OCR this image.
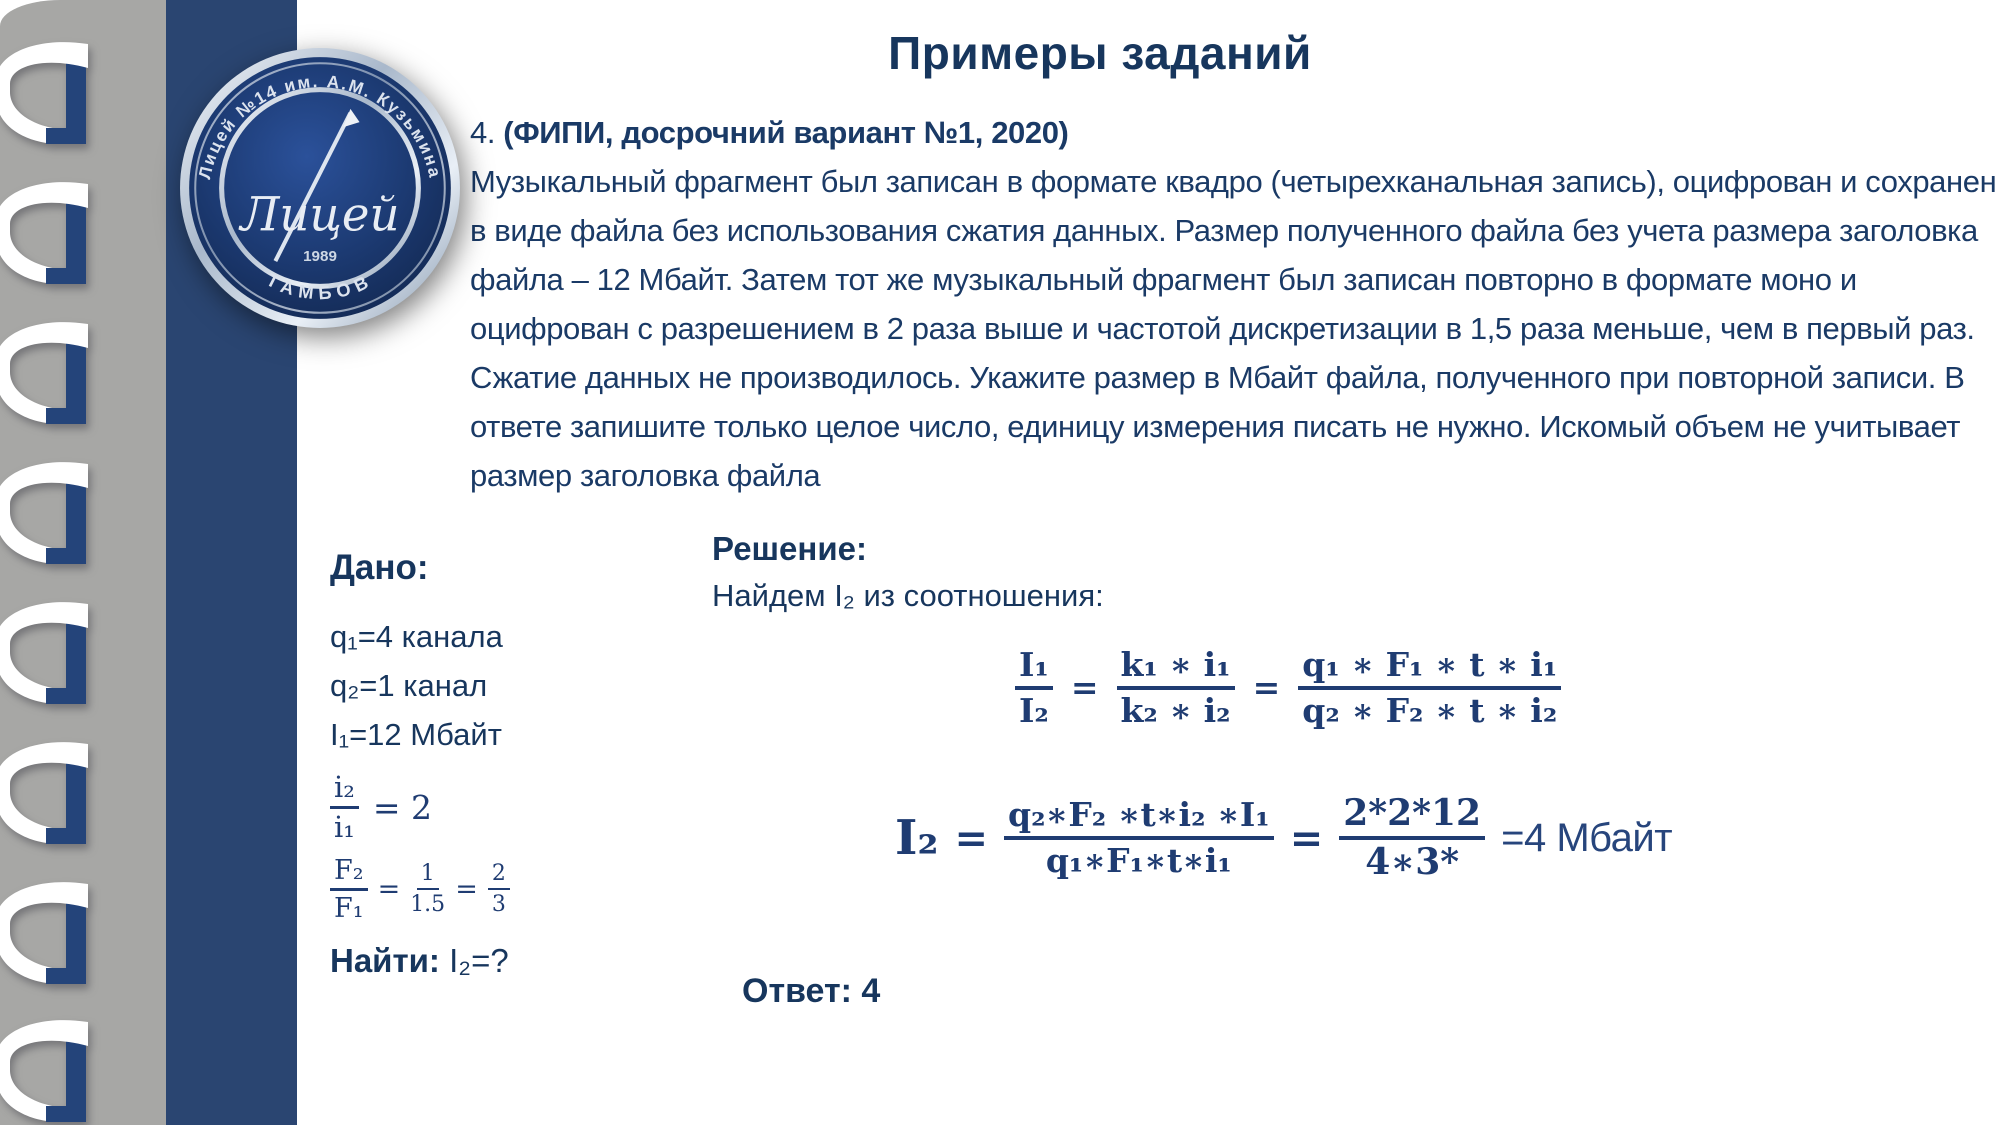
Лицей №14 им. А.М. Кузьмина
ТАМБОВ
Лицей
1989
Примеры заданий
4. (ФИПИ, досрочний вариант №1, 2020)
Музыкальный фрагмент был записан в формате квадро (четырехканальная запись), оцифрован и сохранен в виде файла без использования сжатия данных. Размер полученного файла без учета размера заголовка файла – 12 Мбайт. Затем тот же музыкальный фрагмент был записан повторно в формате моно и оцифрован с разрешением в 2 раза выше и частотой дискретизации в 1,5 раза меньше, чем в первый раз. Сжатие данных не производилось. Укажите размер в Мбайт файла, полученного при повторной записи. В ответе запишите только целое число, единицу измерения писать не нужно. Искомый объем не учитывает размер заголовка файла
Дано:
q₁=4 канала
q₂=1 канал
I₁=12 Мбайт
$\frac{\text{i₂}}{\text{i₁}} = 2$
$\frac{\text{F₂}}{\text{F₁}} = \frac{1}{1.5} = \frac{2}{3}$
Найти: I₂=?
Решение:
Найдем I₂ из соотношения:
$\frac{\text{I₁}}{\text{I₂}} = \frac{\text{k₁ ∗ i₁}}{\text{k₂ ∗ i₂}} = \frac{\text{q₁ ∗ F₁ ∗ t ∗ i₁}}{\text{q₂ ∗ F₂ ∗ t ∗ i₂}}$
$I_2 = \frac{\text{q₂∗F₂ ∗t∗i₂ ∗I₁}}{\text{q₁∗F₁∗t∗i₁}} = \frac{2*2*12}{4∗3*} =4$ Мбайт
Ответ: 4
